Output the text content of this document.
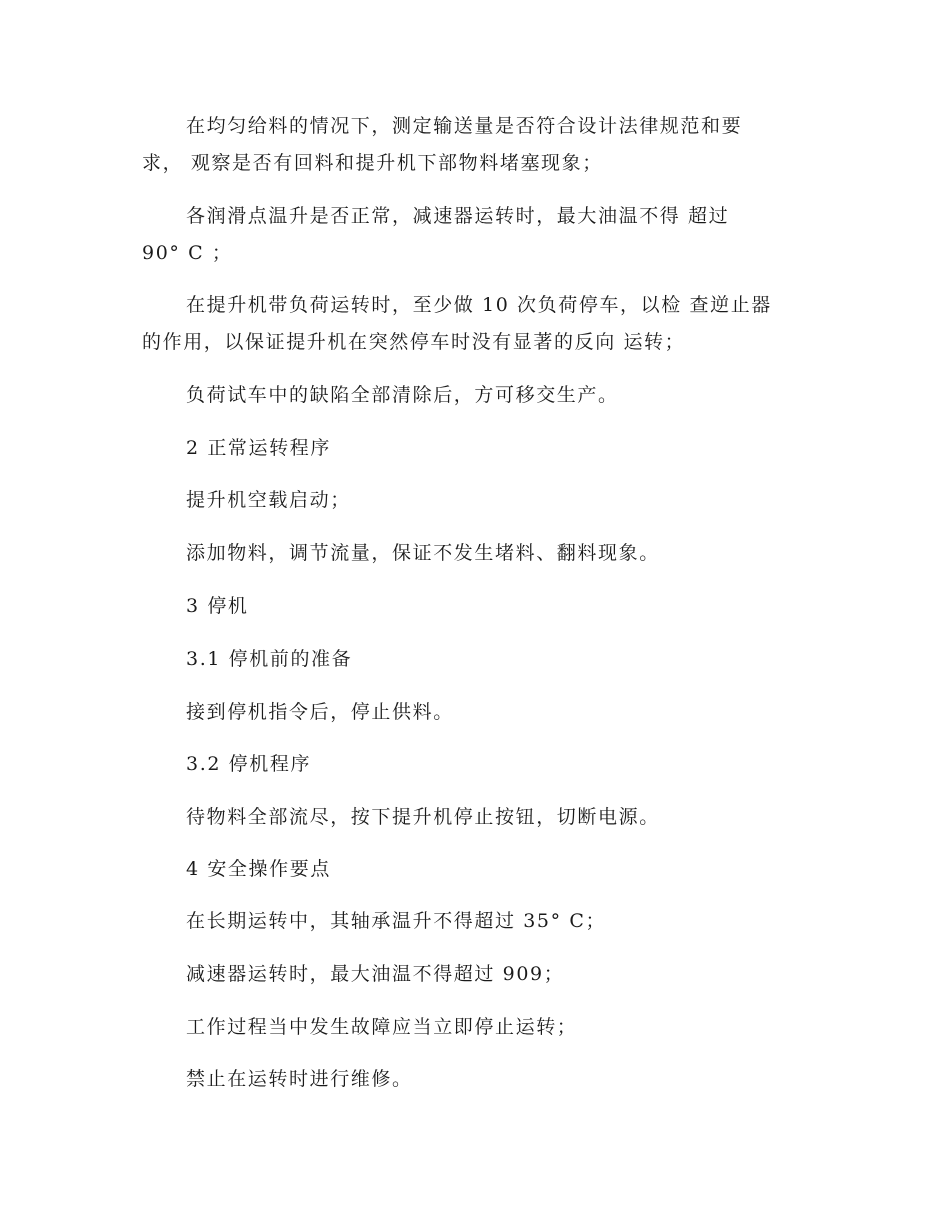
在均匀给料的情况下，测定输送量是否符合设计法律规范和要
求， 观察是否有回料和提升机下部物料堵塞现象；
各润滑点温升是否正常，减速器运转时，最大油温不得 超过
90° C ；
在提升机带负荷运转时，至少做 10 次负荷停车，以检 查逆止器
的作用，以保证提升机在突然停车时没有显著的反向 运转；
负荷试车中的缺陷全部清除后，方可移交生产。
2 正常运转程序
提升机空载启动；
添加物料，调节流量，保证不发生堵料、翻料现象。
3 停机
3.1 停机前的准备
接到停机指令后，停止供料。
3.2 停机程序
待物料全部流尽，按下提升机停止按钮，切断电源。
4 安全操作要点
在长期运转中，其轴承温升不得超过 35° C；
减速器运转时，最大油温不得超过 909；
工作过程当中发生故障应当立即停止运转；
禁止在运转时进行维修。
